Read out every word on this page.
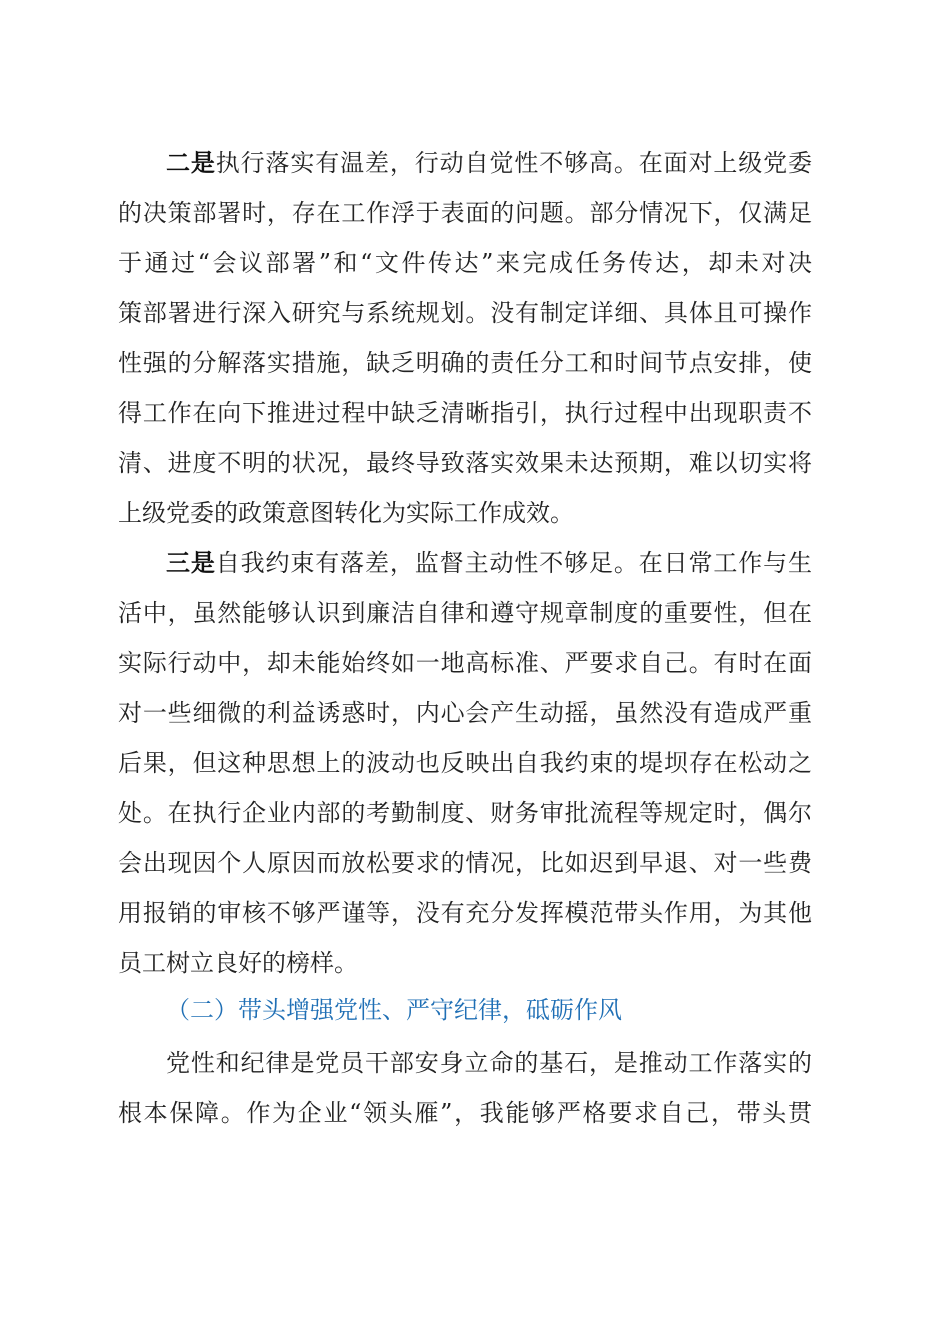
二是执行落实有温差，行动自觉性不够高。在面对上级党委
的决策部署时，存在工作浮于表面的问题。部分情况下，仅满足
于通过“会议部署”和“文件传达”来完成任务传达，却未对决
策部署进行深入研究与系统规划。没有制定详细、具体且可操作
性强的分解落实措施，缺乏明确的责任分工和时间节点安排，使
得工作在向下推进过程中缺乏清晰指引，执行过程中出现职责不
清、进度不明的状况，最终导致落实效果未达预期，难以切实将
上级党委的政策意图转化为实际工作成效。
三是自我约束有落差，监督主动性不够足。在日常工作与生
活中，虽然能够认识到廉洁自律和遵守规章制度的重要性，但在
实际行动中，却未能始终如一地高标准、严要求自己。有时在面
对一些细微的利益诱惑时，内心会产生动摇，虽然没有造成严重
后果，但这种思想上的波动也反映出自我约束的堤坝存在松动之
处。在执行企业内部的考勤制度、财务审批流程等规定时，偶尔
会出现因个人原因而放松要求的情况，比如迟到早退、对一些费
用报销的审核不够严谨等，没有充分发挥模范带头作用，为其他
员工树立良好的榜样。
（二）带头增强党性、严守纪律，砥砺作风
党性和纪律是党员干部安身立命的基石，是推动工作落实的
根本保障。作为企业“领头雁”，我能够严格要求自己，带头贯
